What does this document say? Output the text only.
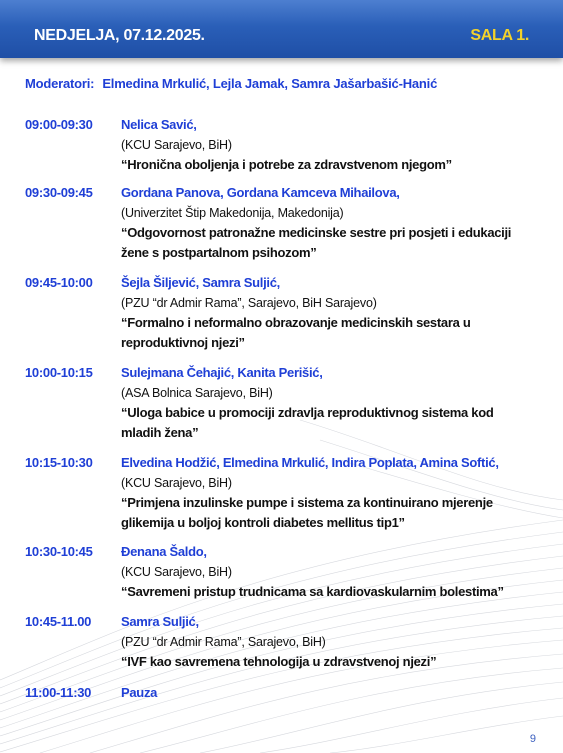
NEDJELJA, 07.12.2025.	SALA 1.
Moderatori: Elmedina Mrkulić, Lejla Jamak, Samra Jašarbašić-Hanić
09:00-09:30 Nelica Savić,
(KCU Sarajevo, BiH)
“Hronična oboljenja i potrebe za zdravstvenom njegom”
09:30-09:45 Gordana Panova, Gordana Kamceva Mihailova,
(Univerzitet Štip Makedonija, Makedonija)
“Odgovornost patronažne medicinske sestre pri posjeti i edukaciji žene s postpartalnom psihozom”
09:45-10:00 Šejla Šiljević, Samra Suljić,
(PZU “dr Admir Rama”, Sarajevo, BiH Sarajevo)
“Formalno i neformalno obrazovanje medicinskih sestara u reproduktivnoj njezi”
10:00-10:15 Sulejmana Čehajić, Kanita Perišić,
(ASA Bolnica Sarajevo, BiH)
“Uloga babice u promociji zdravlja reproduktivnog sistema kod mladih žena”
10:15-10:30 Elvedina Hodžić, Elmedina Mrkulić, Indira Poplata, Amina Softić,
(KCU Sarajevo, BiH)
“Primjena inzulinske pumpe i sistema za kontinuirano mjerenje glikemija u boljoj kontroli diabetes mellitus tip1”
10:30-10:45 Đenana Šaldo,
(KCU Sarajevo, BiH)
“Savremeni pristup trudnicama sa kardiovaskularnim bolestima”
10:45-11.00 Samra Suljić,
(PZU “dr Admir Rama”, Sarajevo, BiH)
“IVF kao savremena tehnologija u zdravstvenoj njezi”
11:00-11:30 Pauza
9
